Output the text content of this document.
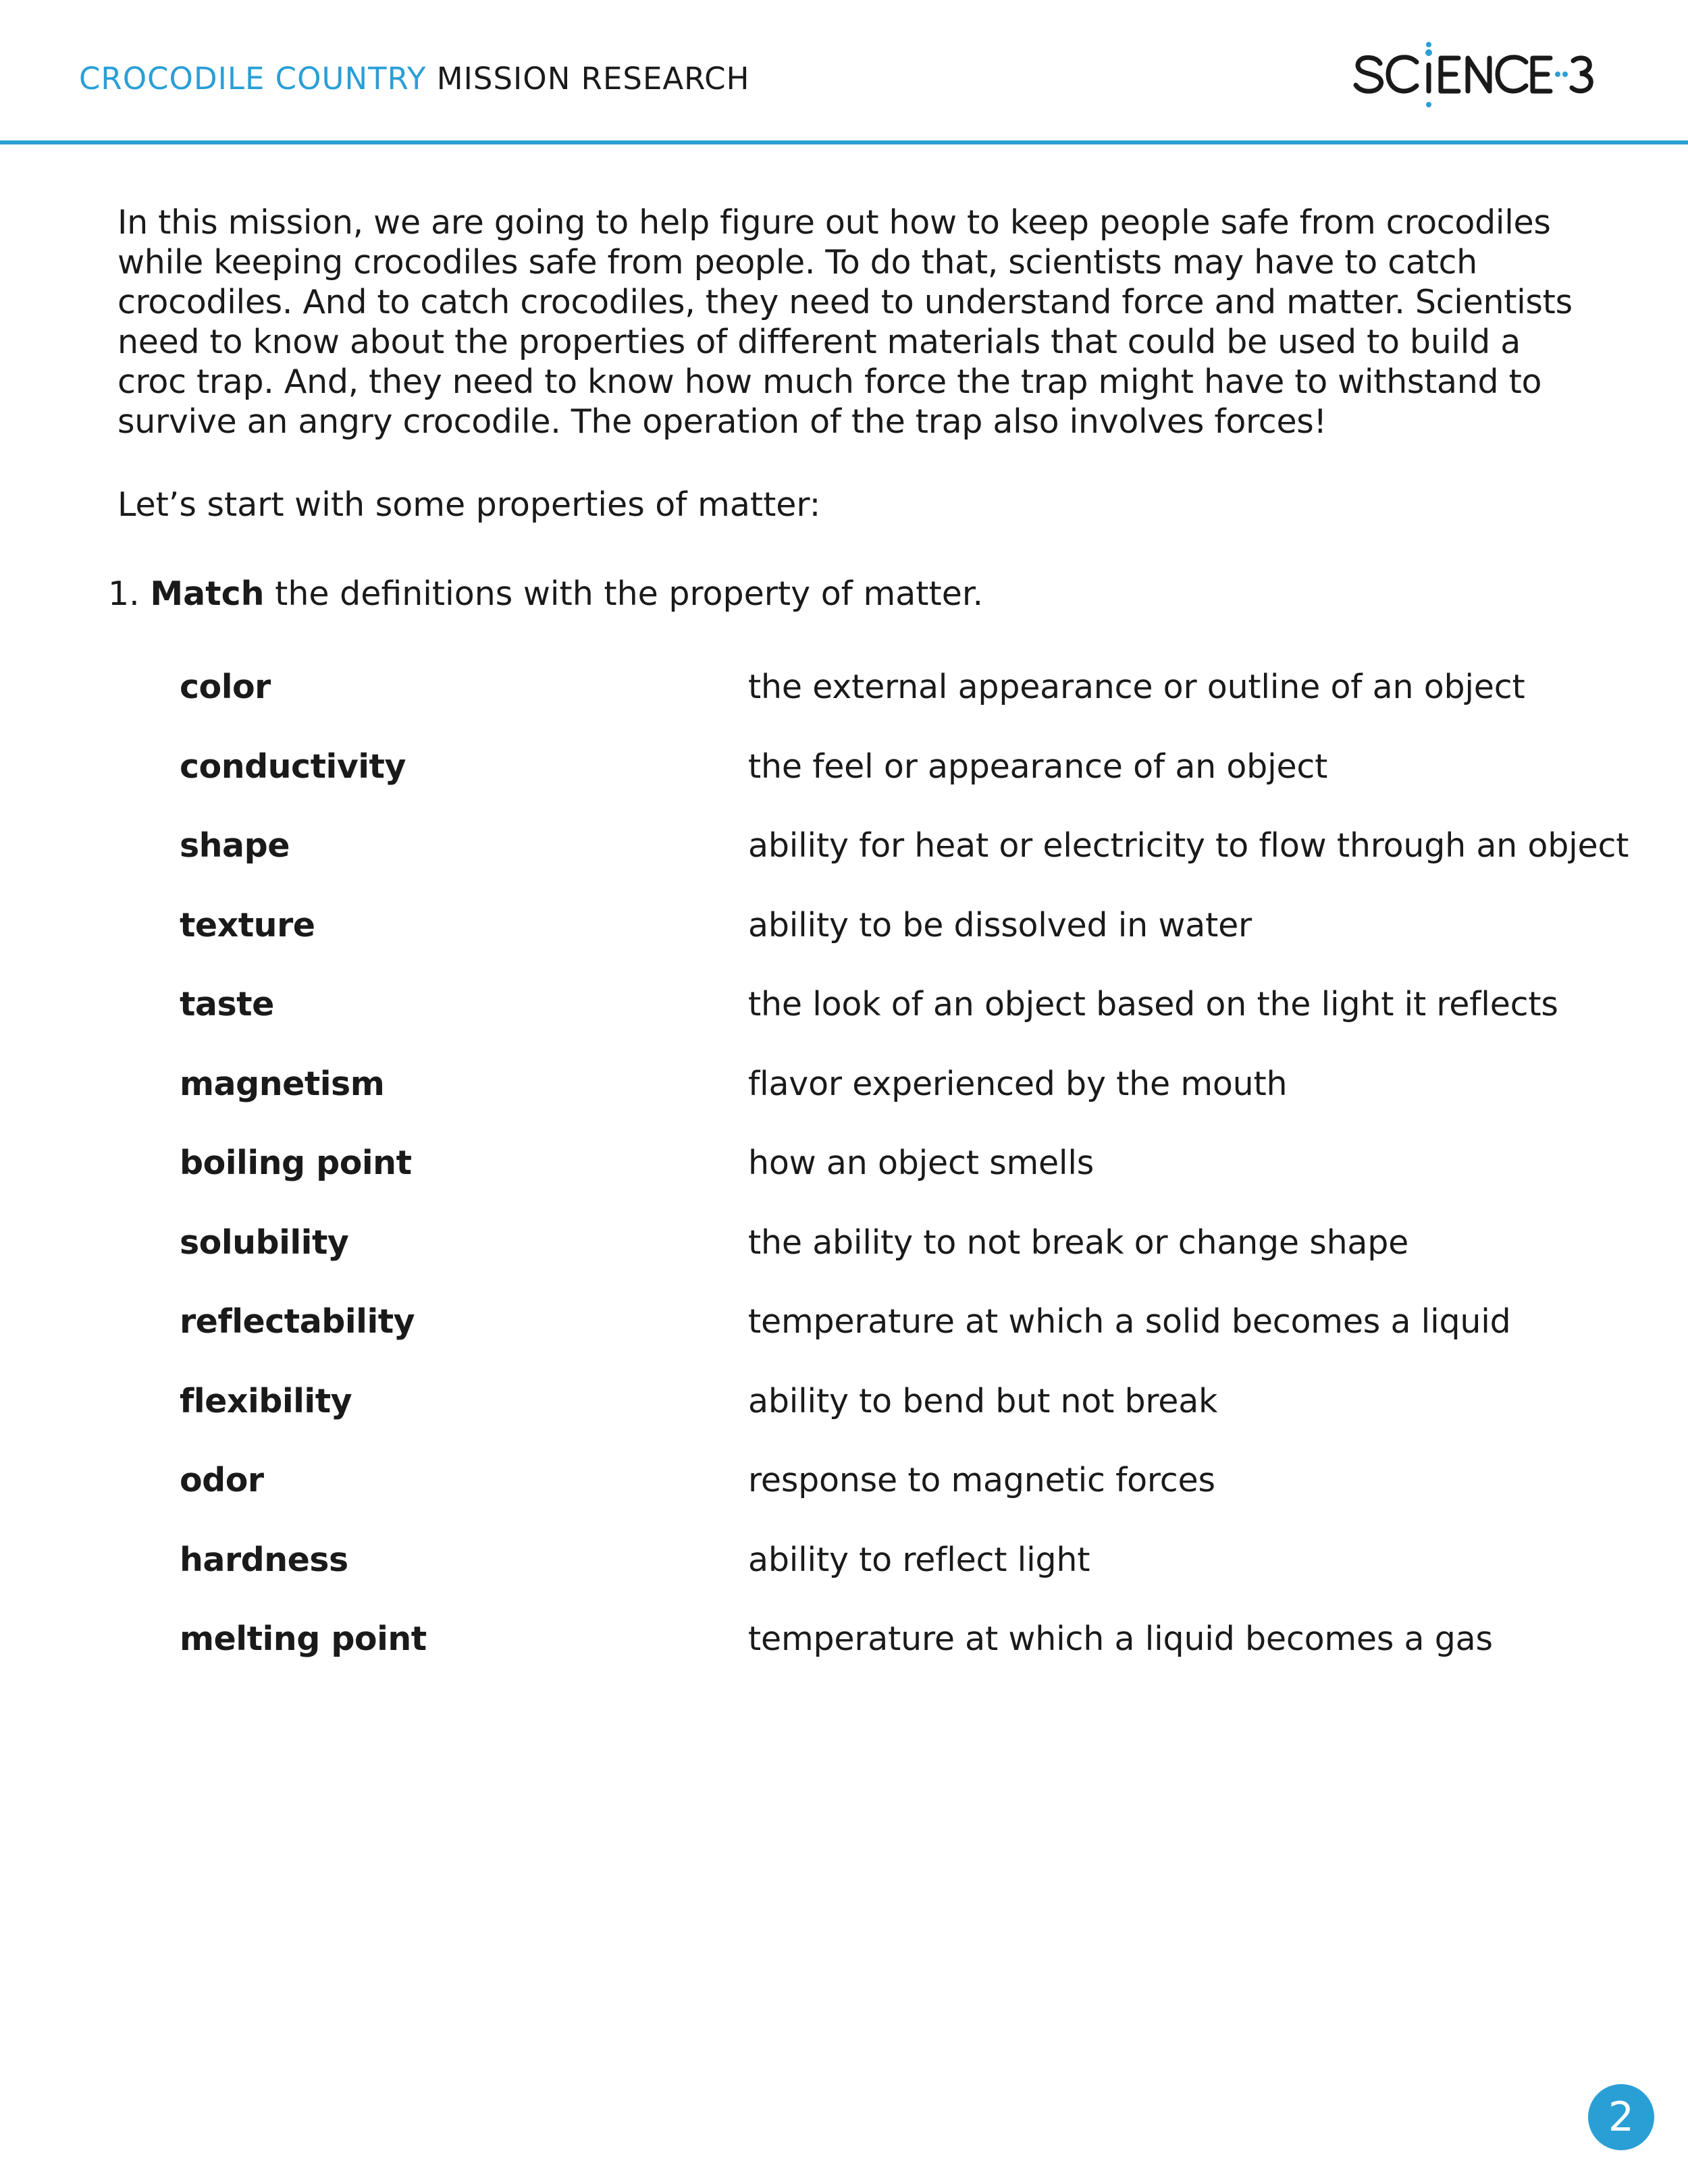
CROCODILE COUNTRY MISSION RESEARCH

In this mission, we are going to help figure out how to keep people safe from crocodiles while keeping crocodiles safe from people. To do that, scientists may have to catch crocodiles. And to catch crocodiles, they need to understand force and matter. Scientists need to know about the properties of different materials that could be used to build a croc trap. And, they need to know how much force the trap might have to withstand to survive an angry crocodile. The operation of the trap also involves forces!

Let’s start with some properties of matter:

1. Match the definitions with the property of matter.
color	the external appearance or outline of an object
conductivity	the feel or appearance of an object
shape	ability for heat or electricity to flow through an object
texture	ability to be dissolved in water
taste	the look of an object based on the light it reflects
magnetism	flavor experienced by the mouth
boiling point	how an object smells
solubility	the ability to not break or change shape
reflectability	temperature at which a solid becomes a liquid
flexibility	ability to bend but not break
odor	response to magnetic forces
hardness	ability to reflect light
melting point	temperature at which a liquid becomes a gas
2
